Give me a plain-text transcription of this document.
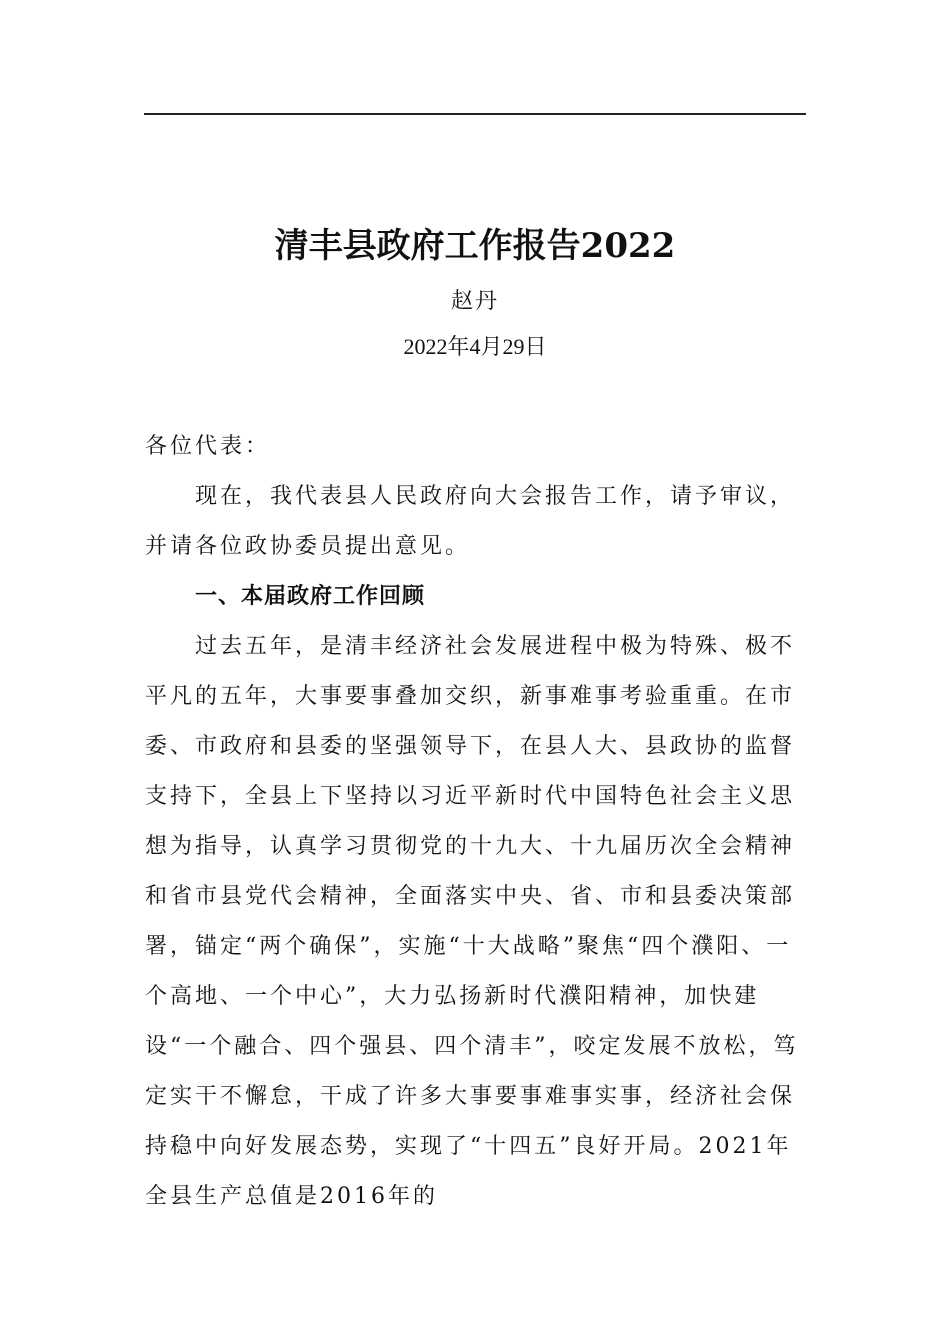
清丰县政府工作报告2022
赵丹
2022年4月29日
各位代表：
现在，我代表县人民政府向大会报告工作，请予审议，并请各位政协委员提出意见。
一、本届政府工作回顾
过去五年，是清丰经济社会发展进程中极为特殊、极不平凡的五年，大事要事叠加交织，新事难事考验重重。在市委、市政府和县委的坚强领导下，在县人大、县政协的监督支持下，全县上下坚持以习近平新时代中国特色社会主义思想为指导，认真学习贯彻党的十九大、十九届历次全会精神和省市县党代会精神，全面落实中央、省、市和县委决策部署，锚定“两个确保”，实施“十大战略”聚焦“四个濮阳、一个高地、一个中心”，大力弘扬新时代濮阳精神，加快建设“一个融合、四个强县、四个清丰”，咬定发展不放松，笃定实干不懈怠，干成了许多大事要事难事实事，经济社会保持稳中向好发展态势，实现了“十四五”良好开局。2021年全县生产总值是2016年的
